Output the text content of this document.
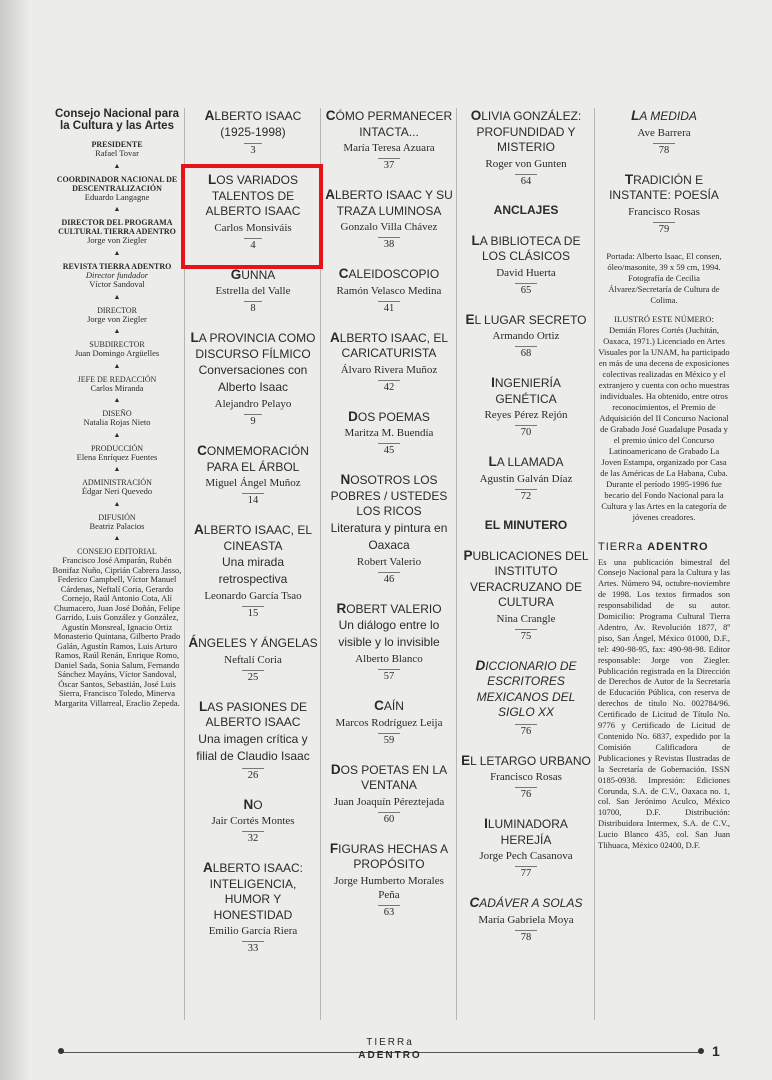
Consejo Nacional para la Cultura y las Artes
PRESIDENTE
Rafael Tovar
▲
COORDINADOR NACIONAL DE DESCENTRALIZACIÓN
Eduardo Langagne
▲
DIRECTOR DEL PROGRAMA CULTURAL TIERRA ADENTRO
Jorge von Ziegler
▲
REVISTA TIERRA ADENTRO
Director fundador
Víctor Sandoval
▲
DIRECTOR
Jorge von Ziegler
▲
SUBDIRECTOR
Juan Domingo Argüelles
▲
JEFE DE REDACCIÓN
Carlos Miranda
▲
DISEÑO
Natalia Rojas Nieto
▲
PRODUCCIÓN
Elena Enríquez Fuentes
▲
ADMINISTRACIÓN
Édgar Neri Quevedo
▲
DIFUSIÓN
Beatriz Palacios
▲
CONSEJO EDITORIAL
Francisco José Amparán, Rubén Bonifaz Nuño, Ciprián Cabrera Jasso, Federico Campbell, Víctor Manuel Cárdenas, Neftalí Coria, Gerardo Cornejo, Raúl Antonio Cota, Alí Chumacero, Juan José Doñán, Felipe Garrido, Luis González y González, Agustín Monsreal, Ignacio Ortiz Monasterio Quintana, Gilberto Prado Galán, Agustín Ramos, Luis Arturo Ramos, Raúl Renán, Enrique Romo, Daniel Sada, Sonia Salum, Fernando Sánchez Mayáns, Víctor Sandoval, Óscar Santos, Sebastián, José Luis Sierra, Francisco Toledo, Minerva Margarita Villarreal, Eraclio Zepeda.
ALBERTO ISAAC (1925-1998)
3
LOS VARIADOS TALENTOS DE ALBERTO ISAAC
Carlos Monsiváis
4
GUNNA
Estrella del Valle
8
LA PROVINCIA COMO DISCURSO FÍLMICO
Conversaciones con Alberto Isaac
Alejandro Pelayo
9
CONMEMORACIÓN PARA EL ÁRBOL
Miguel Ángel Muñoz
14
ALBERTO ISAAC, EL CINEASTA
Una mirada retrospectiva
Leonardo García Tsao
15
ÁNGELES Y ÁNGELAS
Neftalí Coria
25
LAS PASIONES DE ALBERTO ISAAC
Una imagen crítica y filial de Claudio Isaac
26
NO
Jair Cortés Montes
32
ALBERTO ISAAC: INTELIGENCIA, HUMOR Y HONESTIDAD
Emilio García Riera
33
CÓMO PERMANECER INTACTA...
María Teresa Azuara
37
ALBERTO ISAAC Y SU TRAZA LUMINOSA
Gonzalo Villa Chávez
38
CALEIDOSCOPIO
Ramón Velasco Medina
41
ALBERTO ISAAC, EL CARICATURISTA
Álvaro Rivera Muñoz
42
DOS POEMAS
Maritza M. Buendía
45
NOSOTROS LOS POBRES / USTEDES LOS RICOS
Literatura y pintura en Oaxaca
Robert Valerio
46
ROBERT VALERIO
Un diálogo entre lo visible y lo invisible
Alberto Blanco
57
CAÍN
Marcos Rodríguez Leija
59
DOS POETAS EN LA VENTANA
Juan Joaquín Péreztejada
60
FIGURAS HECHAS A PROPÓSITO
Jorge Humberto Morales Peña
63
OLIVIA GONZÁLEZ: PROFUNDIDAD Y MISTERIO
Roger von Gunten
64
ANCLAJES
LA BIBLIOTECA DE LOS CLÁSICOS
David Huerta
65
EL LUGAR SECRETO
Armando Ortiz
68
INGENIERÍA GENÉTICA
Reyes Pérez Rejón
70
LA LLAMADA
Agustín Galván Díaz
72
EL MINUTERO
PUBLICACIONES DEL INSTITUTO VERACRUZANO DE CULTURA
Nina Crangle
75
DICCIONARIO DE ESCRITORES MEXICANOS DEL SIGLO XX
76
EL LETARGO URBANO
Francisco Rosas
76
ILUMINADORA HEREJÍA
Jorge Pech Casanova
77
CADÁVER A SOLAS
María Gabriela Moya
78
LA MEDIDA
Ave Barrera
78
TRADICIÓN E INSTANTE: POESÍA
Francisco Rosas
79
Portada: Alberto Isaac, El consen, óleo/masonite, 39 x 59 cm, 1994. Fotografía de Cecilia Álvarez/Secretaría de Cultura de Colima.
ILUSTRÓ ESTE NÚMERO:
Demián Flores Cortés (Juchitán, Oaxaca, 1971.) Licenciado en Artes Visuales por la UNAM, ha participado en más de una decena de exposiciones colectivas realizadas en México y el extranjero y cuenta con ocho muestras individuales. Ha obtenido, entre otros reconocimientos, el Premio de Adquisición del II Concurso Nacional de Grabado José Guadalupe Posada y el premio único del Concurso Latinoamericano de Grabado La Joven Estampa, organizado por Casa de las Américas de La Habana, Cuba. Durante el período 1995-1996 fue becario del Fondo Nacional para la Cultura y las Artes en la categoría de jóvenes creadores.
TIERRa ADENTRO
Es una publicación bimestral del Consejo Nacional para la Cultura y las Artes. Número 94, octubre-noviembre de 1998. Los textos firmados son responsabilidad de su autor. Domicilio: Programa Cultural Tierra Adentro, Av. Revolución 1877, 8º piso, San Ángel, México 01000, D.F., tel: 490-98-95, fax: 490-98-98. Editor responsable: Jorge von Ziegler. Publicación registrada en la Dirección de Derechos de Autor de la Secretaría de Educación Pública, con reserva de derechos de título No. 002784/96. Certificado de Licitud de Título No. 9776 y Certificado de Licitud de Contenido No. 6837, expedido por la Comisión Calificadora de Publicaciones y Revistas Ilustradas de la Secretaría de Gobernación. ISSN 0185-0938. Impresión: Ediciones Corunda, S.A. de C.V., Oaxaca no. 1, col. San Jerónimo Aculco, México 10700, D.F. Distribución: Distribuidora Intermex, S.A. de C.V., Lucio Blanco 435, col. San Juan Tlihuaca, México 02400, D.F.
TIERRa
ADENTRO	1
